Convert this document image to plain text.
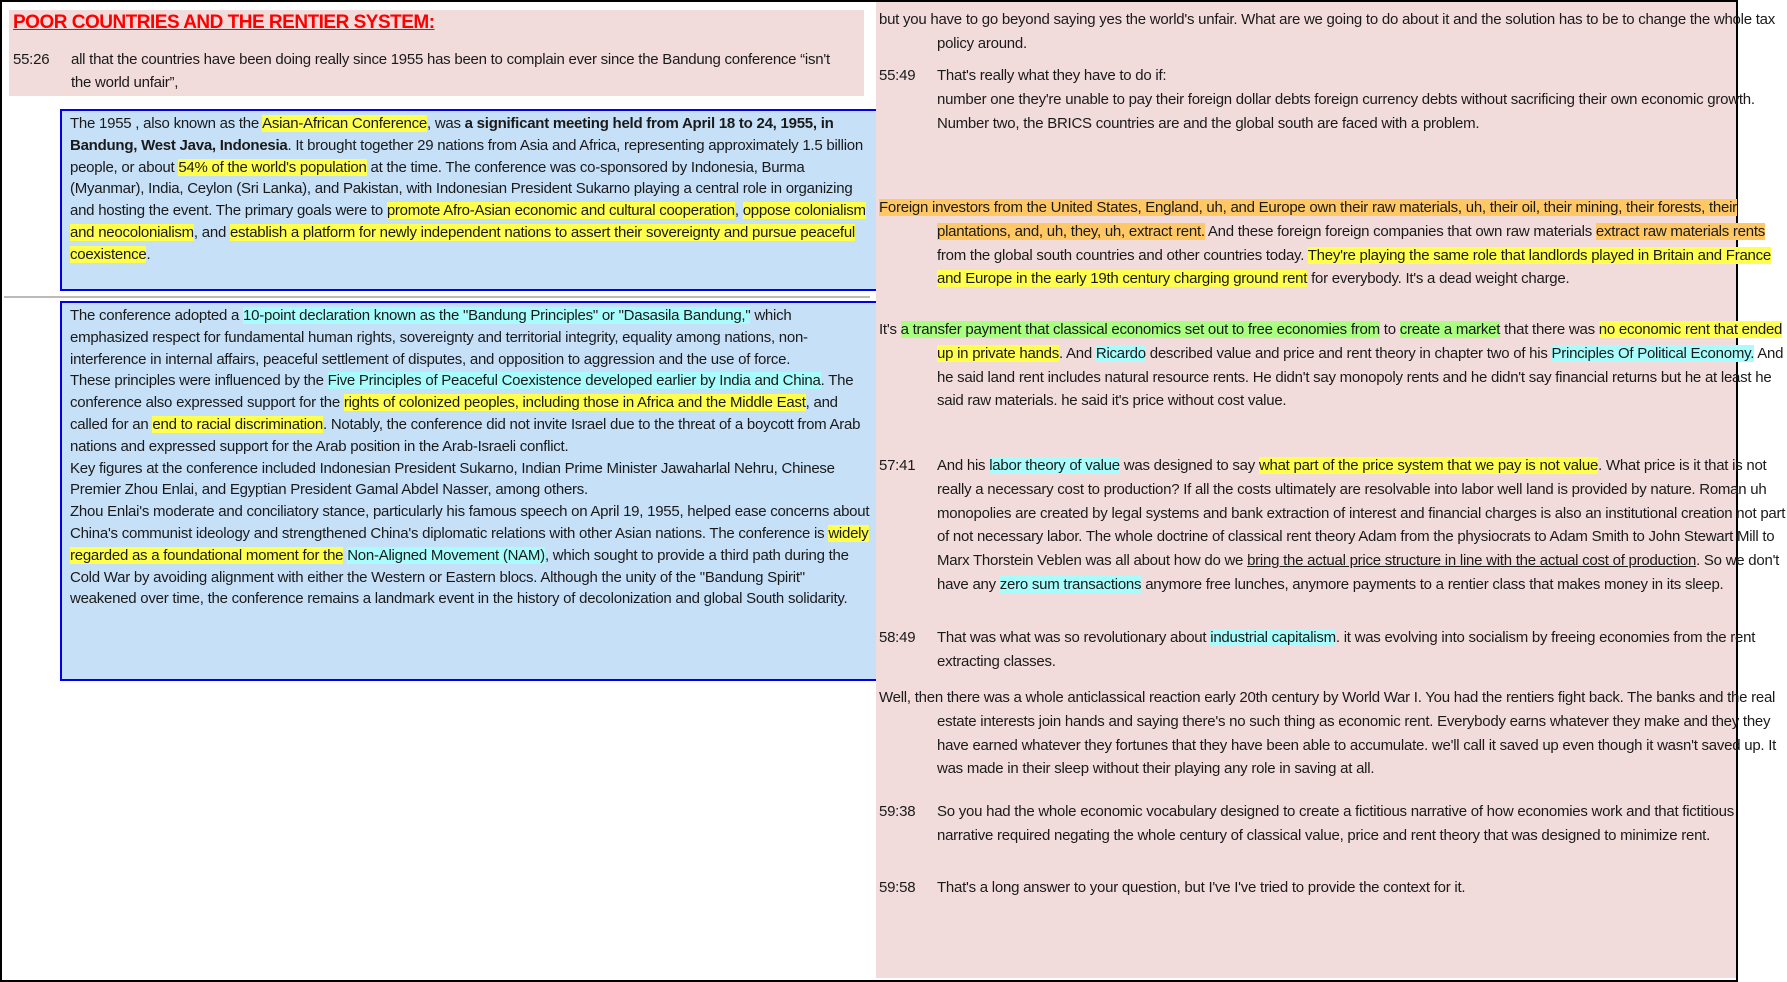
POOR COUNTRIES AND THE RENTIER SYSTEM:
55:26	all that the countries have been doing really since 1955 has been to complain ever since the Bandung conference “isn't the world unfair”,
The 1955 , also known as the Asian-African Conference, was a significant meeting held from April 18 to 24, 1955, in Bandung, West Java, Indonesia. It brought together 29 nations from Asia and Africa, representing approximately 1.5 billion people, or about 54% of the world's population at the time. The conference was co-sponsored by Indonesia, Burma (Myanmar), India, Ceylon (Sri Lanka), and Pakistan, with Indonesian President Sukarno playing a central role in organizing and hosting the event. The primary goals were to promote Afro-Asian economic and cultural cooperation, oppose colonialism and neocolonialism, and establish a platform for newly independent nations to assert their sovereignty and pursue peaceful coexistence.
The conference adopted a 10-point declaration known as the "Bandung Principles" or "Dasasila Bandung," which emphasized respect for fundamental human rights, sovereignty and territorial integrity, equality among nations, non-interference in internal affairs, peaceful settlement of disputes, and opposition to aggression and the use of force.
These principles were influenced by the Five Principles of Peaceful Coexistence developed earlier by India and China. The conference also expressed support for the rights of colonized peoples, including those in Africa and the Middle East, and called for an end to racial discrimination. Notably, the conference did not invite Israel due to the threat of a boycott from Arab nations and expressed support for the Arab position in the Arab-Israeli conflict.
Key figures at the conference included Indonesian President Sukarno, Indian Prime Minister Jawaharlal Nehru, Chinese Premier Zhou Enlai, and Egyptian President Gamal Abdel Nasser, among others.
Zhou Enlai's moderate and conciliatory stance, particularly his famous speech on April 19, 1955, helped ease concerns about China's communist ideology and strengthened China's diplomatic relations with other Asian nations. The conference is widely regarded as a foundational moment for the Non-Aligned Movement (NAM), which sought to provide a third path during the Cold War by avoiding alignment with either the Western or Eastern blocs. Although the unity of the "Bandung Spirit" weakened over time, the conference remains a landmark event in the history of decolonization and global South solidarity.
but you have to go beyond saying yes the world's unfair. What are we going to do about it and the solution has to be to change the whole tax policy around.
55:49 That's really what they have to do if:
number one they're unable to pay their foreign dollar debts foreign currency debts without sacrificing their own economic growth.
Number two, the BRICS countries are and the global south are faced with a problem.
Foreign investors from the United States, England, uh, and Europe own their raw materials, uh, their oil, their mining, their forests, their plantations, and, uh, they, uh, extract rent. And these foreign foreign companies that own raw materials extract raw materials rents from the global south countries and other countries today. They're playing the same role that landlords played in Britain and France and Europe in the early 19th century charging ground rent for everybody. It's a dead weight charge.
It's a transfer payment that classical economics set out to free economies from to create a market that there was no economic rent that ended up in private hands. And Ricardo described value and price and rent theory in chapter two of his Principles Of Political Economy. And he said land rent includes natural resource rents. He didn't say monopoly rents and he didn't say financial returns but he at least he said raw materials. he said it's price without cost value.
57:41 And his labor theory of value was designed to say what part of the price system that we pay is not value. What price is it that is not really a necessary cost to production? If all the costs ultimately are resolvable into labor well land is provided by nature. Roman uh monopolies are created by legal systems and bank extraction of interest and financial charges is also an institutional creation not part of not necessary labor. The whole doctrine of classical rent theory Adam from the physiocrats to Adam Smith to John Stewart Mill to Marx Thorstein Veblen was all about how do we bring the actual price structure in line with the actual cost of production. So we don't have any zero sum transactions anymore free lunches, anymore payments to a rentier class that makes money in its sleep.
58:49 That was what was so revolutionary about industrial capitalism. it was evolving into socialism by freeing economies from the rent extracting classes.
Well, then there was a whole anticlassical reaction early 20th century by World War I. You had the rentiers fight back. The banks and the real estate interests join hands and saying there's no such thing as economic rent. Everybody earns whatever they make and they they have earned whatever they fortunes that they have been able to accumulate. we'll call it saved up even though it wasn't saved up. It was made in their sleep without their playing any role in saving at all.
59:38 So you had the whole economic vocabulary designed to create a fictitious narrative of how economies work and that fictitious narrative required negating the whole century of classical value, price and rent theory that was designed to minimize rent.
59:58 That's a long answer to your question, but I've I've tried to provide the context for it.
